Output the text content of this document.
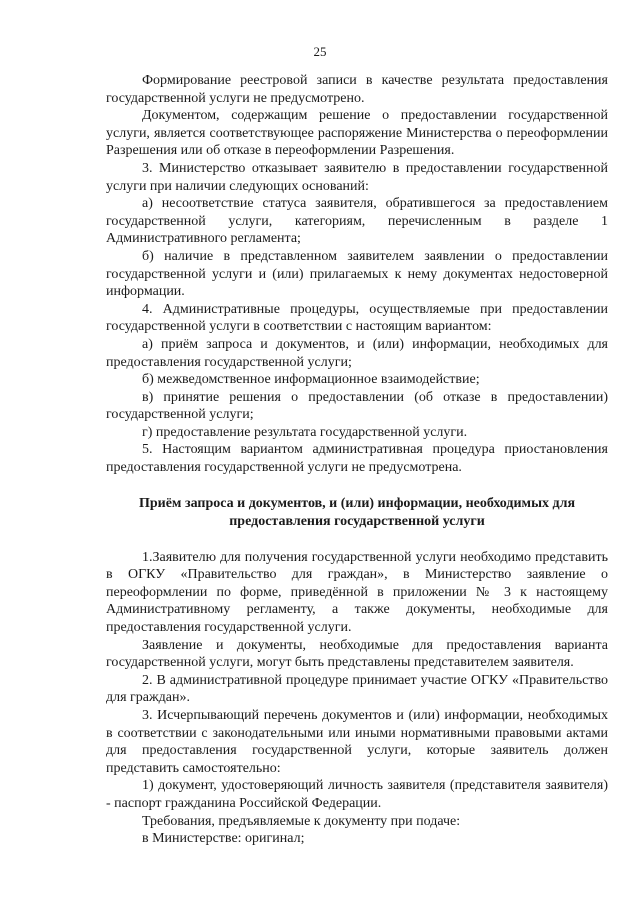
25

Формирование реестровой записи в качестве результата предоставления государственной услуги не предусмотрено.

Документом, содержащим решение о предоставлении государственной услуги, является соответствующее распоряжение Министерства о переоформлении Разрешения или об отказе в переоформлении Разрешения.

3. Министерство отказывает заявителю в предоставлении государственной услуги при наличии следующих оснований:

а) несоответствие статуса заявителя, обратившегося за предоставлением государственной услуги, категориям, перечисленным в разделе 1 Административного регламента;

б) наличие в представленном заявителем заявлении о предоставлении государственной услуги и (или) прилагаемых к нему документах недостоверной информации.

4. Административные процедуры, осуществляемые при предоставлении государственной услуги в соответствии с настоящим вариантом:

а) приём запроса и документов, и (или) информации, необходимых для предоставления государственной услуги;

б) межведомственное информационное взаимодействие;

в) принятие решения о предоставлении (об отказе в предоставлении) государственной услуги;

г) предоставление результата государственной услуги.

5. Настоящим вариантом административная процедура приостановления предоставления государственной услуги не предусмотрена.

Приём запроса и документов, и (или) информации, необходимых для предоставления государственной услуги

1.Заявителю для получения государственной услуги необходимо представить в ОГКУ «Правительство для граждан», в Министерство заявление о переоформлении по форме, приведённой в приложении № 3 к настоящему Административному регламенту, а также документы, необходимые для предоставления государственной услуги.

Заявление и документы, необходимые для предоставления варианта государственной услуги, могут быть представлены представителем заявителя.

2. В административной процедуре принимает участие ОГКУ «Правительство для граждан».

3. Исчерпывающий перечень документов и (или) информации, необходимых в соответствии с законодательными или иными нормативными правовыми актами для предоставления государственной услуги, которые заявитель должен представить самостоятельно:

1) документ, удостоверяющий личность заявителя (представителя заявителя) - паспорт гражданина Российской Федерации.

Требования, предъявляемые к документу при подаче:

в Министерстве: оригинал;
